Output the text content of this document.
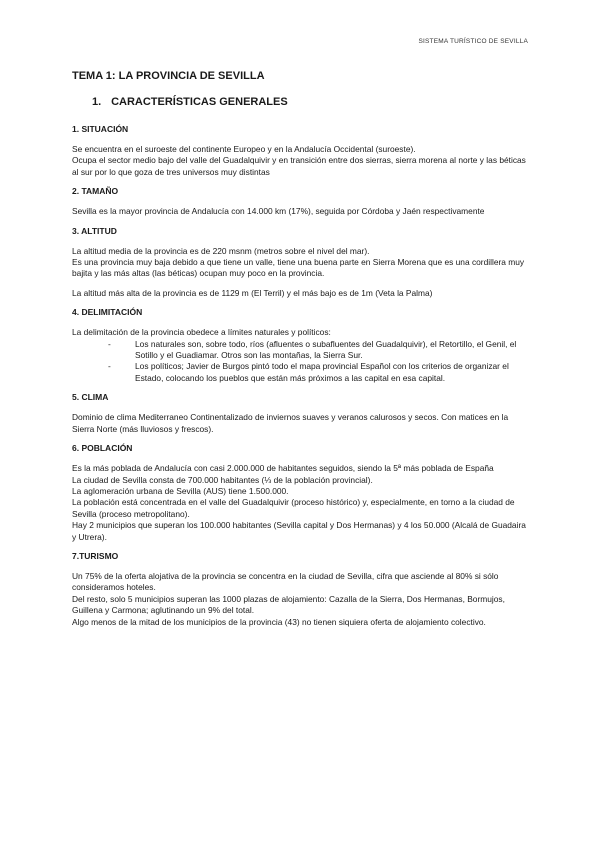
SISTEMA TURÍSTICO DE SEVILLA
TEMA 1: LA PROVINCIA DE SEVILLA
1. CARACTERÍSTICAS GENERALES
1. SITUACIÓN

Se encuentra en el suroeste del continente Europeo y en la Andalucía Occidental (suroeste).

Ocupa el sector medio bajo del valle del Guadalquivir y en transición entre dos sierras, sierra morena al norte y las béticas al sur por lo que goza de tres universos muy distintas

2. TAMAÑO

Sevilla es la mayor provincia de Andalucía con 14.000 km (17%), seguida por Córdoba y Jaén respectivamente

3. ALTITUD

La altitud media de la provincia es de 220 msnm (metros sobre el nivel del mar).

Es una provincia muy baja debido a que tiene un valle, tiene una buena parte en Sierra Morena que es una cordillera muy bajita y las más altas (las béticas) ocupan muy poco en la provincia.

La altitud más alta de la provincia es de 1129 m (El Terril) y el más bajo es de 1m (Veta la Palma)

4. DELIMITACIÓN

La delimitación de la provincia obedece a límites naturales y políticos:

- Los naturales son, sobre todo, ríos (afluentes o subafluentes del Guadalquivir), el Retortillo, el Genil, el Sotillo y el Guadiamar. Otros son las montañas, la Sierra Sur.
- Los políticos; Javier de Burgos pintó todo el mapa provincial Español con los criterios de organizar el Estado, colocando los pueblos que están más próximos a las capital en esa capital.
5. CLIMA

Dominio de clima Mediterraneo Continentalizado de inviernos suaves y veranos calurosos y secos. Con matices en la Sierra Norte (más lluviosos y frescos).

6. POBLACIÓN

Es la más poblada de Andalucía con casi 2.000.000 de habitantes seguidos, siendo la 5ª más poblada de España

La ciudad de Sevilla consta de 700.000 habitantes (⅓ de la población provincial).

La aglomeración urbana de Sevilla (AUS) tiene 1.500.000.

La población está concentrada en el valle del Guadalquivir (proceso histórico) y, especialmente, en torno a la ciudad de Sevilla (proceso metropolitano).

Hay 2 municipios que superan los 100.000 habitantes (Sevilla capital y Dos Hermanas) y 4 los 50.000 (Alcalá de Guadaira y Utrera).

7.TURISMO

Un 75% de la oferta alojativa de la provincia se concentra en la ciudad de Sevilla, cifra que asciende al 80% si sólo consideramos hoteles.

Del resto, solo 5 municipios superan las 1000 plazas de alojamiento: Cazalla de la Sierra, Dos Hermanas, Bormujos, Guillena y Carmona; aglutinando un 9% del total.

Algo menos de la mitad de los municipios de la provincia (43) no tienen siquiera oferta de alojamiento colectivo.
